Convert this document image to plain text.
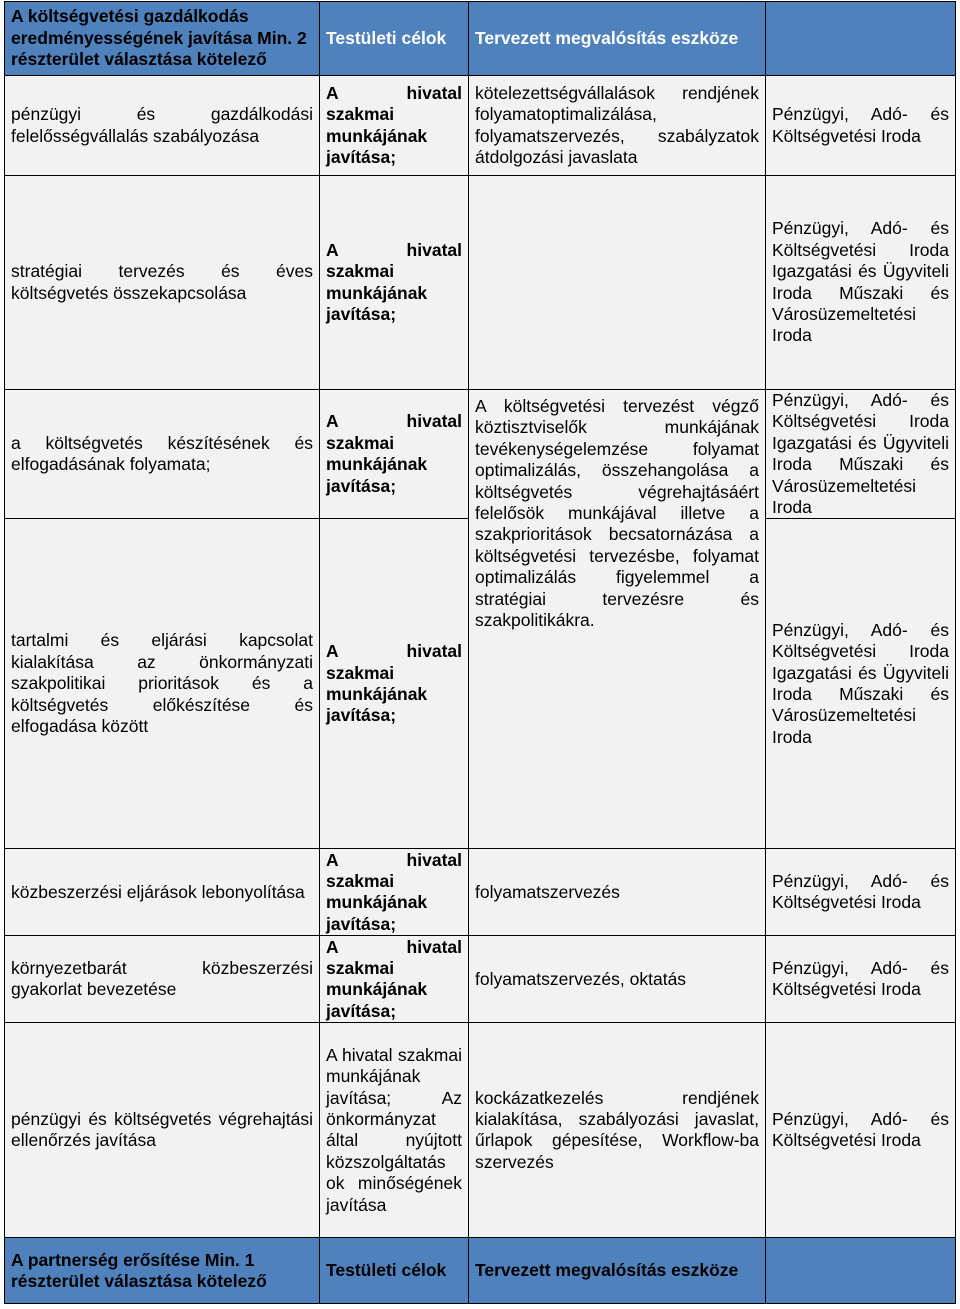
A költségvetési gazdálkodás eredményességének javítása Min. 2 részterület választása kötelező	Testületi célok	Tervezett megvalósítás eszköze	
pénzügyi és gazdálkodási felelősségvállalás szabályozása	A hivatal szakmai munkájának javítása;	kötelezettségvállalások rendjének folyamatoptimalizálása, folyamatszervezés, szabályzatok átdolgozási javaslata	Pénzügyi, Adó- és Költségvetési Iroda
stratégiai tervezés és éves költségvetés összekapcsolása	A hivatal szakmai munkájának javítása;		Pénzügyi, Adó- és Költségvetési Iroda Igazgatási és Ügyviteli Iroda Műszaki és Városüzemeltetési Iroda
a költségvetés készítésének és elfogadásának folyamata;	A hivatal szakmai munkájának javítása;	A költségvetési tervezést végző köztisztviselők munkájának tevékenységelemzése folyamat optimalizálás, összehangolása a költségvetés végrehajtásáért felelősök munkájával illetve a szakprioritások becsatornázása a költségvetési tervezésbe, folyamat optimalizálás figyelemmel a stratégiai tervezésre és szakpolitikákra.	Pénzügyi, Adó- és Költségvetési Iroda Igazgatási és Ügyviteli Iroda Műszaki és Városüzemeltetési Iroda
tartalmi és eljárási kapcsolat kialakítása az önkormányzati szakpolitikai prioritások és a költségvetés előkészítése és elfogadása között	A hivatal szakmai munkájának javítása;		Pénzügyi, Adó- és Költségvetési Iroda Igazgatási és Ügyviteli Iroda Műszaki és Városüzemeltetési Iroda
közbeszerzési eljárások lebonyolítása	A hivatal szakmai munkájának javítása;	folyamatszervezés	Pénzügyi, Adó- és Költségvetési Iroda
környezetbarát közbeszerzési gyakorlat bevezetése	A hivatal szakmai munkájának javítása;	folyamatszervezés, oktatás	Pénzügyi, Adó- és Költségvetési Iroda
pénzügyi és költségvetés végrehajtási ellenőrzés javítása	A hivatal szakmai munkájának javítása; Az önkormányzat által nyújtott közszolgáltatás ok minőségének javítása	kockázatkezelés rendjének kialakítása, szabályozási javaslat, űrlapok gépesítése, Workflow-ba szervezés	Pénzügyi, Adó- és Költségvetési Iroda
A partnerség erősítése Min. 1 részterület választása kötelező	Testületi célok	Tervezett megvalósítás eszköze	
